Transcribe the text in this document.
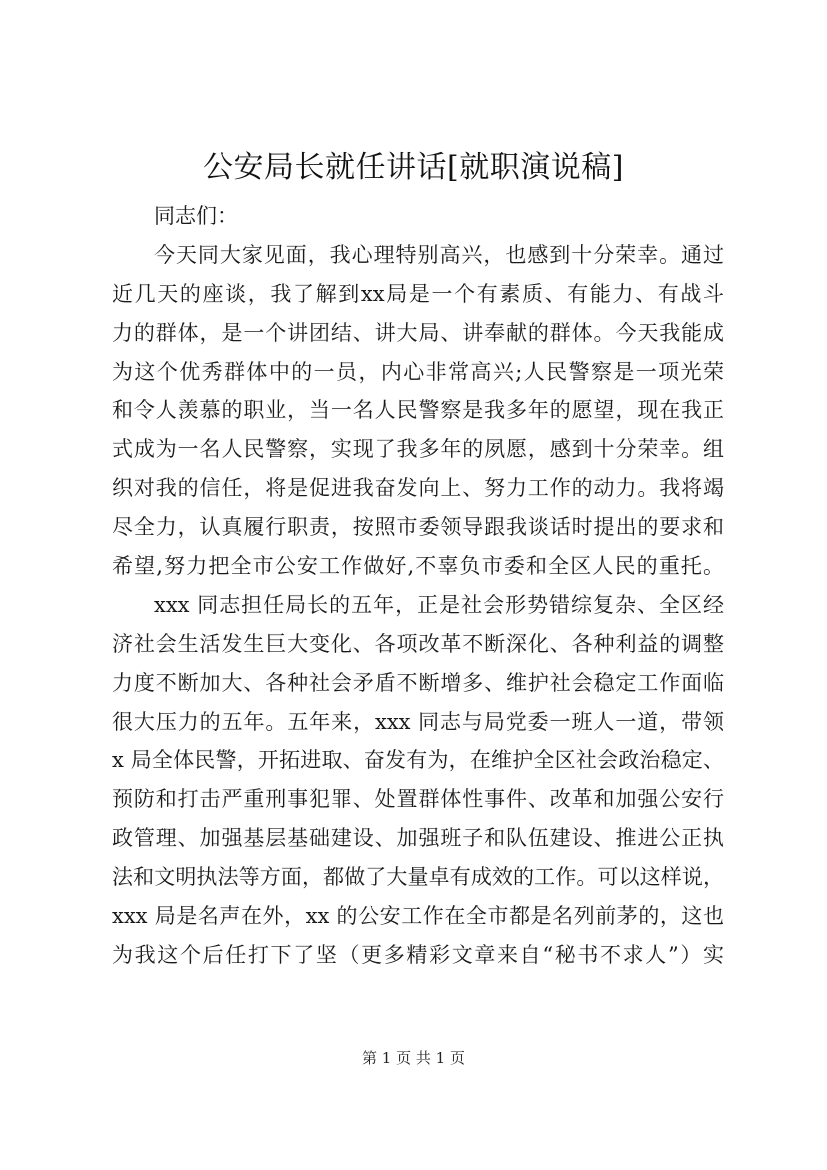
公安局长就任讲话[就职演说稿]
同志们：
今天同大家见面，我心理特别高兴，也感到十分荣幸。通过
近几天的座谈，我了解到xx局是一个有素质、有能力、有战斗
力的群体，是一个讲团结、讲大局、讲奉献的群体。今天我能成
为这个优秀群体中的一员，内心非常高兴;人民警察是一项光荣
和令人羡慕的职业，当一名人民警察是我多年的愿望，现在我正
式成为一名人民警察，实现了我多年的夙愿，感到十分荣幸。组
织对我的信任，将是促进我奋发向上、努力工作的动力。我将竭
尽全力，认真履行职责，按照市委领导跟我谈话时提出的要求和
希望,努力把全市公安工作做好,不辜负市委和全区人民的重托。
xxx 同志担任局长的五年，正是社会形势错综复杂、全区经
济社会生活发生巨大变化、各项改革不断深化、各种利益的调整
力度不断加大、各种社会矛盾不断增多、维护社会稳定工作面临
很大压力的五年。五年来，xxx 同志与局党委一班人一道，带领
x 局全体民警，开拓进取、奋发有为，在维护全区社会政治稳定、
预防和打击严重刑事犯罪、处置群体性事件、改革和加强公安行
政管理、加强基层基础建设、加强班子和队伍建设、推进公正执
法和文明执法等方面，都做了大量卓有成效的工作。可以这样说，
xxx 局是名声在外，xx 的公安工作在全市都是名列前茅的，这也
为我这个后任打下了坚（更多精彩文章来自“秘书不求人”）实
第 1 页 共 1 页
